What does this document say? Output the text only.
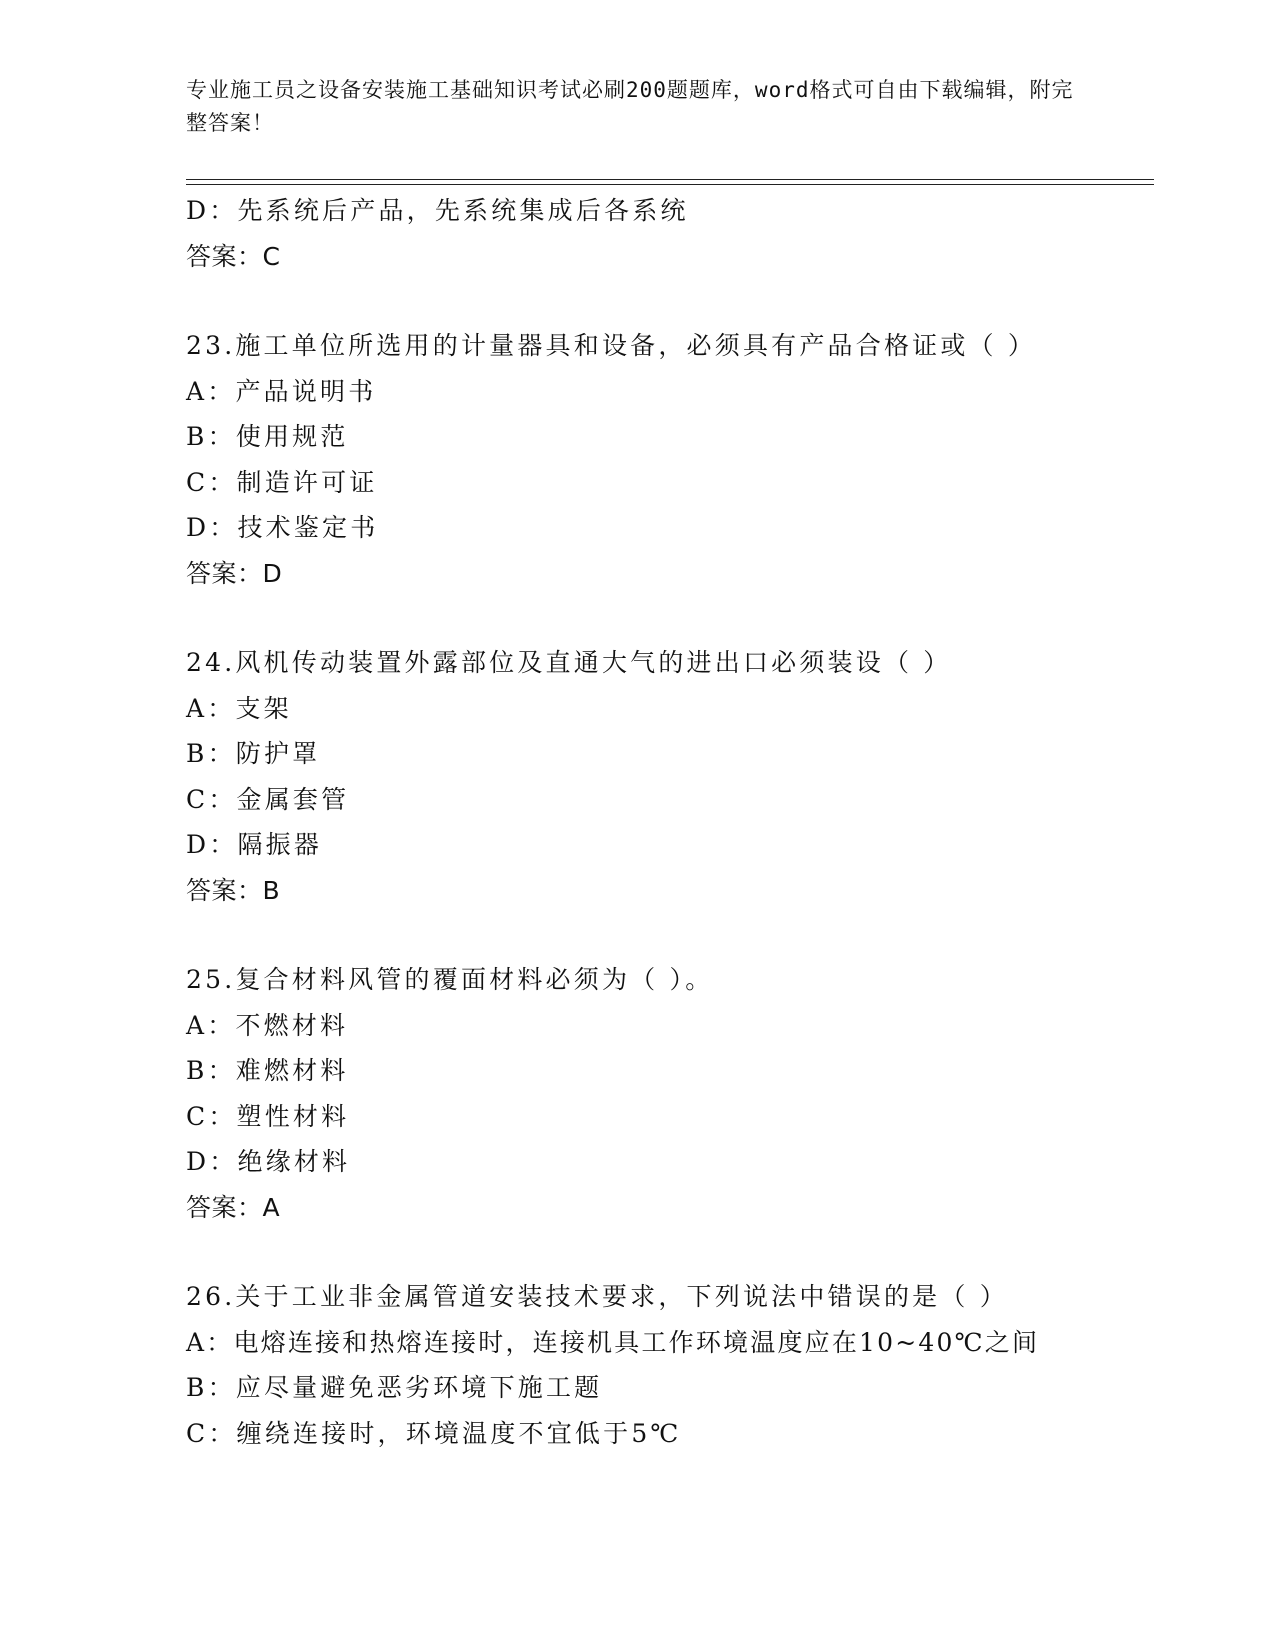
专业施工员之设备安装施工基础知识考试必刷200题题库，word格式可自由下载编辑，附完整答案！
D：先系统后产品，先系统集成后各系统
答案：C
23.施工单位所选用的计量器具和设备，必须具有产品合格证或（ ）
A：产品说明书
B：使用规范
C：制造许可证
D：技术鉴定书
答案：D
24.风机传动装置外露部位及直通大气的进出口必须装设（ ）
A：支架
B：防护罩
C：金属套管
D：隔振器
答案：B
25.复合材料风管的覆面材料必须为（ ）。
A：不燃材料
B：难燃材料
C：塑性材料
D：绝缘材料
答案：A
26.关于工业非金属管道安装技术要求，下列说法中错误的是（ ）
A：电熔连接和热熔连接时，连接机具工作环境温度应在10~40℃之间
B：应尽量避免恶劣环境下施工题
C：缠绕连接时，环境温度不宜低于5℃
